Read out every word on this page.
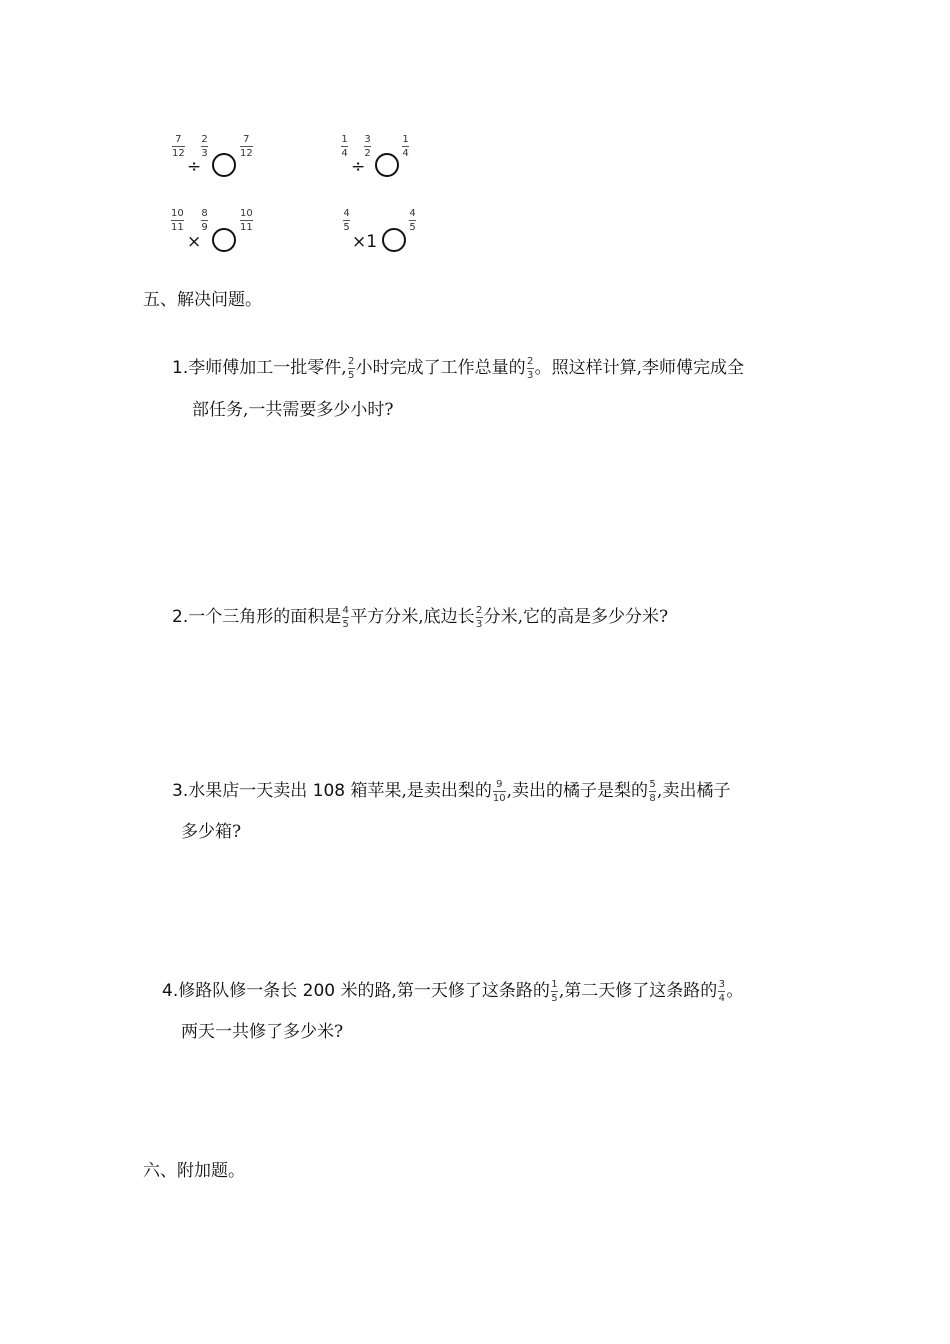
7
12
÷
2
3
7
12
1
4
÷
3
2
1
4
10
11
×
8
9
10
11
4
5
×1
4
5
五、解决问题。
1.李师傅加工一批零件, $\frac{2}{5}$ 小时完成了工作总量的 $\frac{2}{3}$ 。照这样计算,李师傅完成全
部任务,一共需要多少小时?
2.一个三角形的面积是 $\frac{4}{5}$ 平方分米,底边长 $\frac{2}{3}$ 分米,它的高是多少分米?
3.水果店一天卖出 108 箱苹果,是卖出梨的 $\frac{9}{10}$ ,卖出的橘子是梨的 $\frac{5}{8}$ ,卖出橘子
多少箱?
4.修路队修一条长 200 米的路,第一天修了这条路的 $\frac{1}{5}$ ,第二天修了这条路的 $\frac{3}{4}$ 。
两天一共修了多少米?
六、附加题。
